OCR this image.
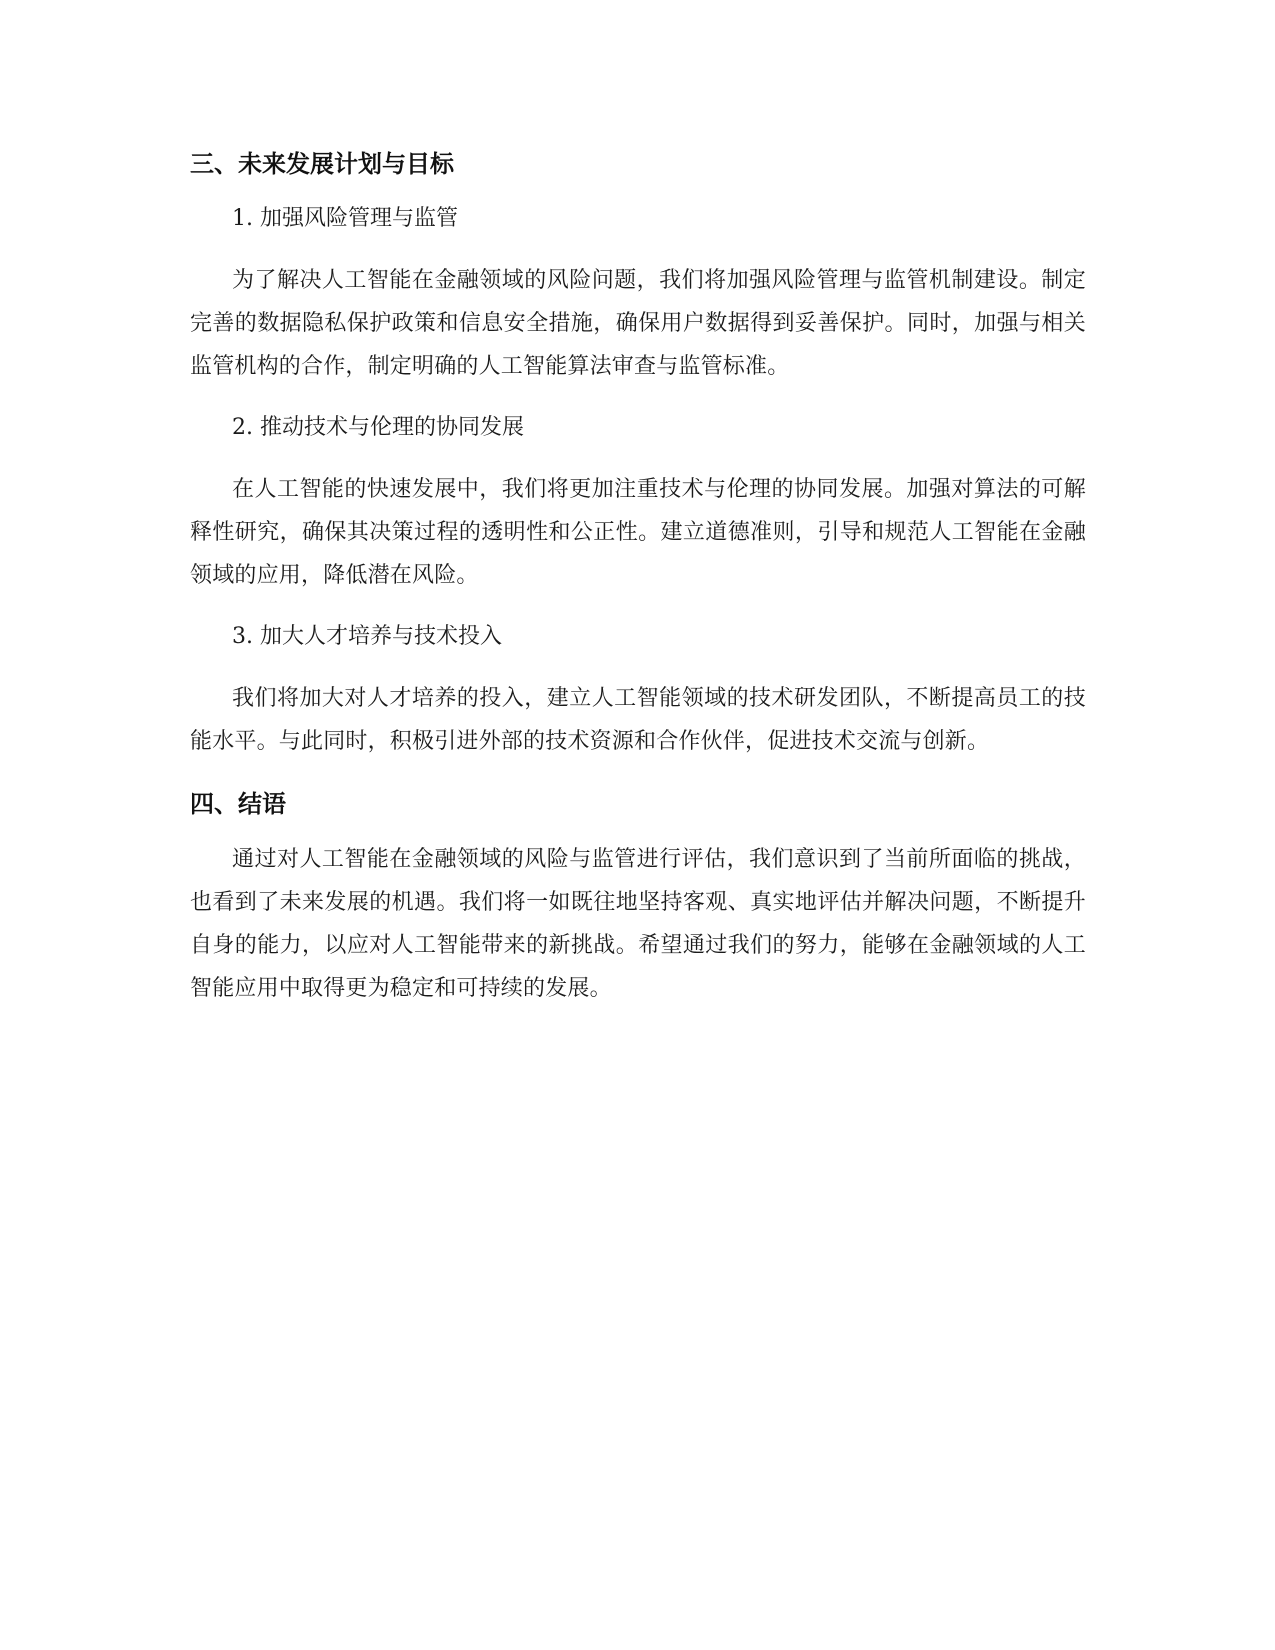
三、未来发展计划与目标

1. 加强风险管理与监管

为了解决人工智能在金融领域的风险问题，我们将加强风险管理与监管机制建设。制定完善的数据隐私保护政策和信息安全措施，确保用户数据得到妥善保护。同时，加强与相关监管机构的合作，制定明确的人工智能算法审查与监管标准。

2. 推动技术与伦理的协同发展

在人工智能的快速发展中，我们将更加注重技术与伦理的协同发展。加强对算法的可解释性研究，确保其决策过程的透明性和公正性。建立道德准则，引导和规范人工智能在金融领域的应用，降低潜在风险。

3. 加大人才培养与技术投入

我们将加大对人才培养的投入，建立人工智能领域的技术研发团队，不断提高员工的技能水平。与此同时，积极引进外部的技术资源和合作伙伴，促进技术交流与创新。

四、结语

通过对人工智能在金融领域的风险与监管进行评估，我们意识到了当前所面临的挑战，也看到了未来发展的机遇。我们将一如既往地坚持客观、真实地评估并解决问题，不断提升自身的能力，以应对人工智能带来的新挑战。希望通过我们的努力，能够在金融领域的人工智能应用中取得更为稳定和可持续的发展。
